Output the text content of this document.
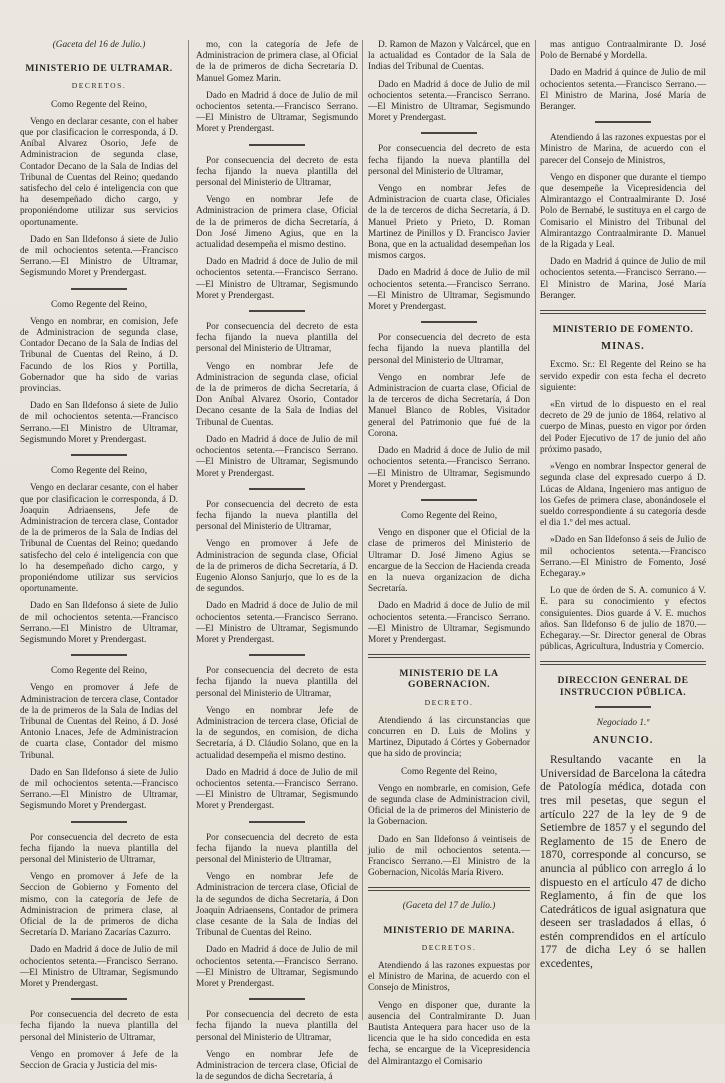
(Gaceta del 16 de Julio.)

MINISTERIO DE ULTRAMAR.

DECRETOS.

Como Regente del Reino,

Vengo en declarar cesante, con el haber que por clasificacion le corresponda, á D. Aníbal Alvarez Osorio, Jefe de Administracion de segunda clase, Contador Decano de la Sala de Indias del Tribunal de Cuentas del Reino; quedando satisfecho del celo é inteligencia con que ha desempeñado dicho cargo, y proponiéndome utilizar sus servicios oportunamente.

Dado en San Ildefonso á siete de Julio de mil ochocientos setenta.—Francisco Serrano.—El Ministro de Ultramar, Segismundo Moret y Prendergast.

Como Regente del Reino,

Vengo en nombrar, en comision, Jefe de Administracion de segunda clase, Contador Decano de la Sala de Indias del Tribunal de Cuentas del Reino, á D. Facundo de los Rios y Portilla, Gobernador que ha sido de varias provincias.

Dado en San Ildefonso á siete de Julio de mil ochocientos setenta.—Francisco Serrano.—El Ministro de Ultramar, Segismundo Moret y Prendergast.

Como Regente del Reino,

Vengo en declarar cesante, con el haber que por clasificacion le corresponda, á D. Joaquin Adriaensens, Jefe de Administracion de tercera clase, Contador de la de primeros de la Sala de Indias del Tribunal de Cuentas del Reino; quedando satisfecho del celo é inteligencia con que lo ha desempeñado dicho cargo, y proponiéndome utilizar sus servicios oportunamente.

Dado en San Ildefonso á siete de Julio de mil ochocientos setenta.—Francisco Serrano.—El Ministro de Ultramar, Segismundo Moret y Prendergast.

Como Regente del Reino,

Vengo en promover á Jefe de Administracion de tercera clase, Contador de la de primeros de la Sala de Indias del Tribunal de Cuentas del Reino, á D. José Antonio Lnaces, Jefe de Administracion de cuarta clase, Contador del mismo Tribunal.

Dado en San Ildefonso á siete de Julio de mil ochocientos setenta.—Francisco Serrano.—El Ministro de Ultramar, Segismundo Moret y Prendergast.

Por consecuencia del decreto de esta fecha fijando la nueva plantilla del personal del Ministerio de Ultramar,

Vengo en promover á Jefe de la Seccion de Gobierno y Fomento del mismo, con la categoría de Jefe de Administracion de primera clase, al Oficial de la de primeros de dicha Secretaría D. Mariano Zacarías Cazurro.

Dado en Madrid á doce de Julio de mil ochocientos setenta.—Francisco Serrano.—El Ministro de Ultramar, Segismundo Moret y Prendergast.

Por consecuencia del decreto de esta fecha fijando la nueva plantilla del personal del Ministerio de Ultramar,

Vengo en promover á Jefe de la Seccion de Gracia y Justicia del mis-

mo, con la categoría de Jefe de Administracion de primera clase, al Oficial de la de primeros de dicha Secretaría D. Manuel Gomez Marin.

Dado en Madrid á doce de Julio de mil ochocientos setenta.—Francisco Serrano.—El Ministro de Ultramar, Segismundo Moret y Prendergast.

Por consecuencia del decreto de esta fecha fijando la nueva plantilla del personal del Ministerio de Ultramar,

Vengo en nombrar Jefe de Administracion de primera clase, Oficial de la de primeros de dicha Secretaría, á Don José Jimeno Agius, que en la actualidad desempeña el mismo destino.

Dado en Madrid á doce de Julio de mil ochocientos setenta.—Francisco Serrano.—El Ministro de Ultramar, Segismundo Moret y Prendergast.

Por consecuencia del decreto de esta fecha fijando la nueva plantilla del personal del Ministerio de Ultramar,

Vengo en nombrar Jefe de Administracion de segunda clase, oficial de la de primeros de dicha Secretaría, á Don Aníbal Alvarez Osorio, Contador Decano cesante de la Sala de Indias del Tribunal de Cuentas.

Dado en Madrid á doce de Julio de mil ochocientos setenta.—Francisco Serrano.—El Ministro de Ultramar, Segismundo Moret y Prendergast.

Por consecuencia del decreto de esta fecha fijando la nueva plantilla del personal del Ministerio de Ultramar,

Vengo en promover á Jefe de Administracion de segunda clase, Oficial de la de primeros de dicha Secretaría, á D. Eugenio Alonso Sanjurjo, que lo es de la de segundos.

Dado en Madrid á doce de Julio de mil ochocientos setenta.—Francisco Serrano.—El Ministro de Ultramar, Segismundo Moret y Prendergast.

Por consecuencia del decreto de esta fecha fijando la nueva plantilla del personal del Ministerio de Ultramar,

Vengo en nombrar Jefe de Administracion de tercera clase, Oficial de la de segundos, en comision, de dicha Secretaría, á D. Cláudio Solano, que en la actualidad desempeña el mismo destino.

Dado en Madrid á doce de Julio de mil ochocientos setenta.—Francisco Serrano.—El Ministro de Ultramar, Segismundo Moret y Prendergast.

Por consecuencia del decreto de esta fecha fijando la nueva plantilla del personal del Ministerio de Ultramar,

Vengo en nombrar Jefe de Administracion de tercera clase, Oficial de la de segundos de dicha Secretaría, á Don Joaquin Adriaensens, Contador de primera clase cesante de la Sala de Indias del Tribunal de Cuentas del Reino.

Dado en Madrid á doce de Julio de mil ochocientos setenta.—Francisco Serrano.—El Ministro de Ultramar, Segismundo Moret y Prendergast.

Por consecuencia del decreto de esta fecha fijando la nueva plantilla del personal del Ministerio de Ultramar,

Vengo en nombrar Jefe de Administracion de tercera clase, Oficial de la de segundos de dicha Secretaría, á

D. Ramon de Mazon y Valcárcel, que en la actualidad es Contador de la Sala de Indias del Tribunal de Cuentas.

Dado en Madrid á doce de Julio de mil ochocientos setenta.—Francisco Serrano.—El Ministro de Ultramar, Segismundo Moret y Prendergast.

Por consecuencia del decreto de esta fecha fijando la nueva plantilla del personal del Ministerio de Ultramar,

Vengo en nombrar Jefes de Administracion de cuarta clase, Oficiales de la de terceros de dicha Secretaría, á D. Manuel Prieto y Prieto, D. Roman Martinez de Pinillos y D. Francisco Javier Bona, que en la actualidad desempeñan los mismos cargos.

Dado en Madrid á doce de Julio de mil ochocientos setenta.—Francisco Serrano.—El Ministro de Ultramar, Segismundo Moret y Prendergast.

Por consecuencia del decreto de esta fecha fijando la nueva plantilla del personal del Ministerio de Ultramar,

Vengo en nombrar Jefe de Administracion de cuarta clase, Oficial de la de terceros de dicha Secretaría, á Don Manuel Blanco de Robles, Visitador general del Patrimonio que fué de la Corona.

Dado en Madrid á doce de Julio de mil ochocientos setenta.—Francisco Serrano.—El Ministro de Ultramar, Segismundo Moret y Prendergast.

Como Regente del Reino,

Vengo en disponer que el Oficial de la clase de primeros del Ministerio de Ultramar D. José Jimeno Agius se encargue de la Seccion de Hacienda creada en la nueva organizacion de dicha Secretaría.

Dado en Madrid á doce de Julio de mil ochocientos setenta.—Francisco Serrano.—El Ministro de Ultramar, Segismundo Moret y Prendergast.

MINISTERIO DE LA GOBERNACION.

DECRETO.

Atendiendo á las circunstancias que concurren en D. Luis de Molins y Martinez, Diputado á Córtes y Gobernador que ha sido de provincia;

Como Regente del Reino,

Vengo en nombrarle, en comision, Gefe de segunda clase de Administracion civil, Oficial de la de primeros del Ministerio de la Gobernacion.

Dado en San Ildefonso á veintiseis de julio de mil ochocientos setenta.—Francisco Serrano.—El Ministro de la Gobernacion, Nicolás María Rivero.

(Gaceta del 17 de Julio.)

MINISTERIO DE MARINA.

DECRETOS.

Atendiendo á las razones expuestas por el Ministro de Marina, de acuerdo con el Consejo de Ministros,

Vengo en disponer que, durante la ausencia del Contralmirante D. Juan Bautista Antequera para hacer uso de la licencia que le ha sido concedida en esta fecha, se encargue de la Vicepresidencia del Almirantazgo el Comisario

mas antiguo Contraalmirante D. José Polo de Bernabé y Mordella.

Dado en Madrid á quince de Julio de mil ochocientos setenta.—Francisco Serrano.—El Ministro de Marina, José María de Beranger.

Atendiendo á las razones expuestas por el Ministro de Marina, de acuerdo con el parecer del Consejo de Ministros,

Vengo en disponer que durante el tiempo que desempeñe la Vicepresidencia del Almirantazgo el Contraalmirante D. José Polo de Bernabé, le sustituya en el cargo de Comisario el Ministro del Tribunal del Almirantazgo Contraalmirante D. Manuel de la Rigada y Leal.

Dado en Madrid á quince de Julio de mil ochocientos setenta.—Francisco Serrano.—El Ministro de Marina, José María Beranger.

MINISTERIO DE FOMENTO.

MINAS.

Excmo. Sr.: El Regente del Reino se ha servido expedir con esta fecha el decreto siguiente:

«En virtud de lo dispuesto en el real decreto de 29 de junio de 1864, relativo al cuerpo de Minas, puesto en vigor por órden del Poder Ejecutivo de 17 de junio del año próximo pasado,

»Vengo en nombrar Inspector general de segunda clase del expresado cuerpo á D. Lúcas de Aldana, Ingeniero mas antiguo de los Gefes de primera clase, abonándosele el sueldo correspondiente á su categoría desde el dia 1.º del mes actual.

»Dado en San Ildefonso á seis de Julio de mil ochocientos setenta.—Francisco Serrano.—El Ministro de Fomento, José Echegaray.»

Lo que de órden de S. A. comunico á V. E. para su conocimiento y efectos consiguientes. Dios guarde á V. E. muchos años. San Ildefonso 6 de julio de 1870.—Echegaray.—Sr. Director general de Obras públicas, Agricultura, Industria y Comercio.

DIRECCION GENERAL DE INSTRUCCION PÚBLICA.

Negociado 1.º

ANUNCIO.

Resultando vacante en la Universidad de Barcelona la cátedra de Patología médica, dotada con tres mil pesetas, que segun el artículo 227 de la ley de 9 de Setiembre de 1857 y el segundo del Reglamento de 15 de Enero de 1870, corresponde al concurso, se anuncia al público con arreglo á lo dispuesto en el artículo 47 de dicho Reglamento, á fin de que los Catedráticos de igual asignatura que deseen ser trasladados á ellas, ó estén comprendidos en el artículo 177 de dicha Ley ó se hallen excedentes,
